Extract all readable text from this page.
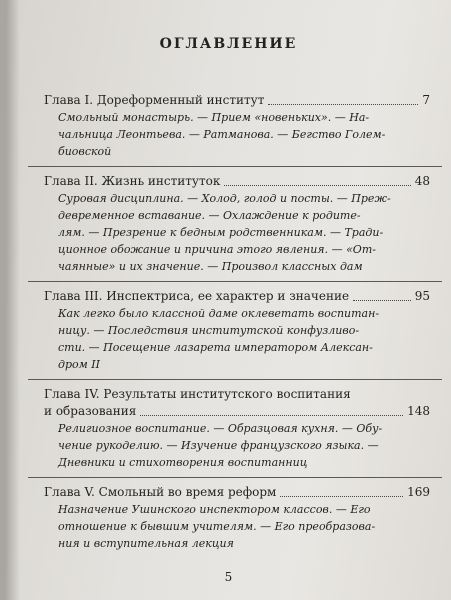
ОГЛАВЛЕНИЕ
Глава I. Дореформенный институт	7
Смольный монастырь. — Прием «новеньких». — На-
чальница Леонтьева. — Ратманова. — Бегство Голем-
биовской
Глава II. Жизнь институток	48
Суровая дисциплина. — Холод, голод и посты. — Преж-
девременное вставание. — Охлаждение к родите-
лям. — Презрение к бедным родственникам. — Тради-
ционное обожание и причина этого явления. — «От-
чаянные» и их значение. — Произвол классных дам
Глава III. Инспектриса, ее характер и значение	95
Как легко было классной даме оклеветать воспитан-
ницу. — Последствия институтской конфузливо-
сти. — Посещение лазарета императором Алексан-
дром II
Глава IV. Результаты институтского воспитания
и образования	148
Религиозное воспитание. — Образцовая кухня. — Обу-
чение рукоделию. — Изучение французского языка. —
Дневники и стихотворения воспитанниц
Глава V. Смольный во время реформ	169
Назначение Ушинского инспектором классов. — Его
отношение к бывшим учителям. — Его преобразова-
ния и вступительная лекция
5
